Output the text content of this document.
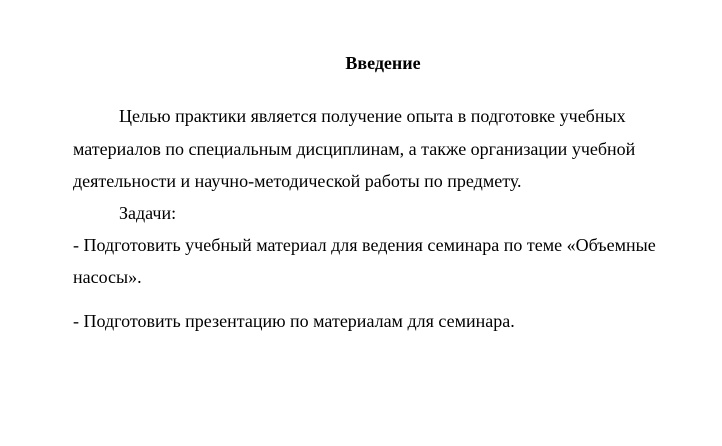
Введение

Целью практики является получение опыта в подготовке учебных

материалов по специальным дисциплинам, а также организации учебной

деятельности и научно-методической работы по предмету.

Задачи:

- Подготовить учебный материал для ведения семинара по теме «Объемные

насосы».

- Подготовить презентацию по материалам для семинара.
